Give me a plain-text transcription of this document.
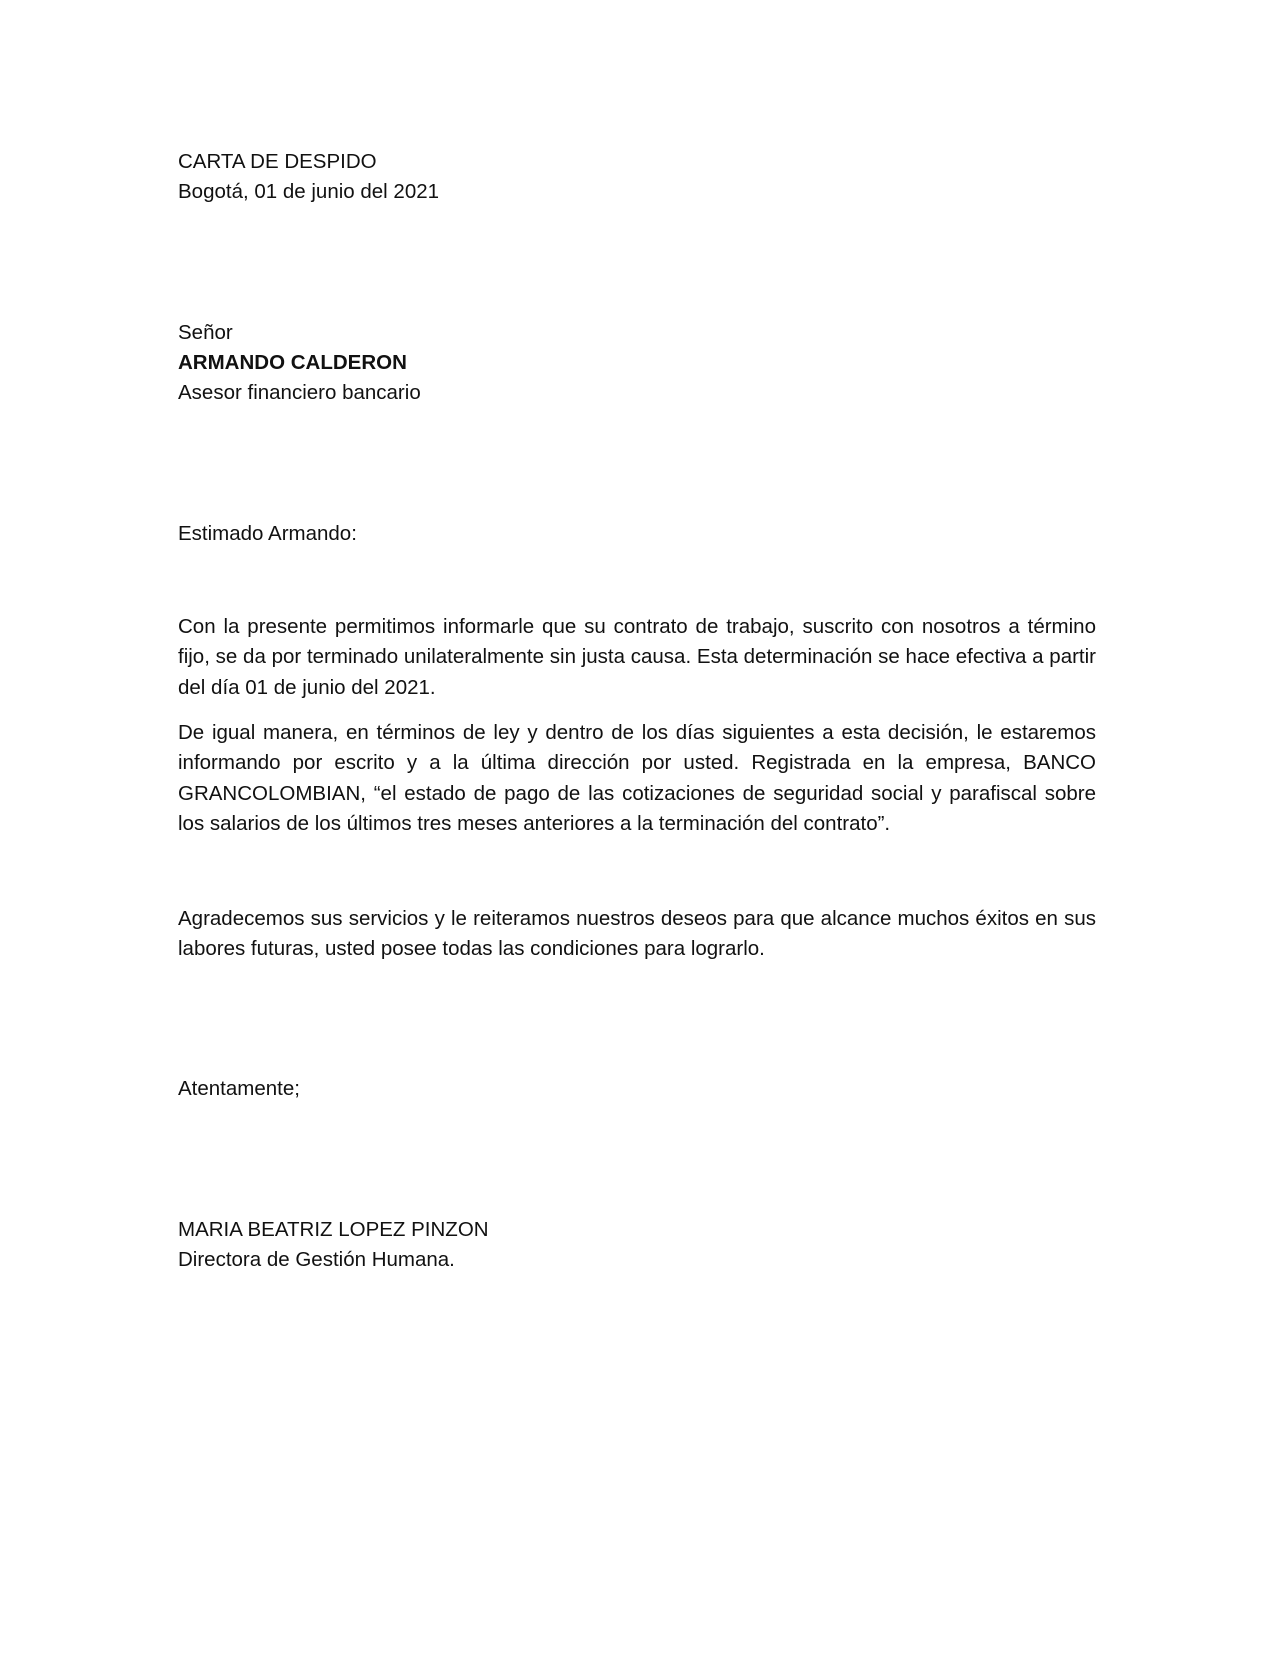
CARTA DE DESPIDO
Bogotá, 01 de junio del 2021
Señor
ARMANDO CALDERON
Asesor financiero bancario
Estimado Armando:

Con la presente permitimos informarle que su contrato de trabajo, suscrito con nosotros a término fijo, se da por terminado unilateralmente sin justa causa. Esta determinación se hace efectiva a partir del día 01 de junio del 2021.

De igual manera, en términos de ley y dentro de los días siguientes a esta decisión, le estaremos informando por escrito y a la última dirección por usted. Registrada en la empresa, BANCO GRANCOLOMBIAN, “el estado de pago de las cotizaciones de seguridad social y parafiscal sobre los salarios de los últimos tres meses anteriores a la terminación del contrato”.

Agradecemos sus servicios y le reiteramos nuestros deseos para que alcance muchos éxitos en sus labores futuras, usted posee todas las condiciones para lograrlo.

Atentamente;
MARIA BEATRIZ LOPEZ PINZON
Directora de Gestión Humana.
